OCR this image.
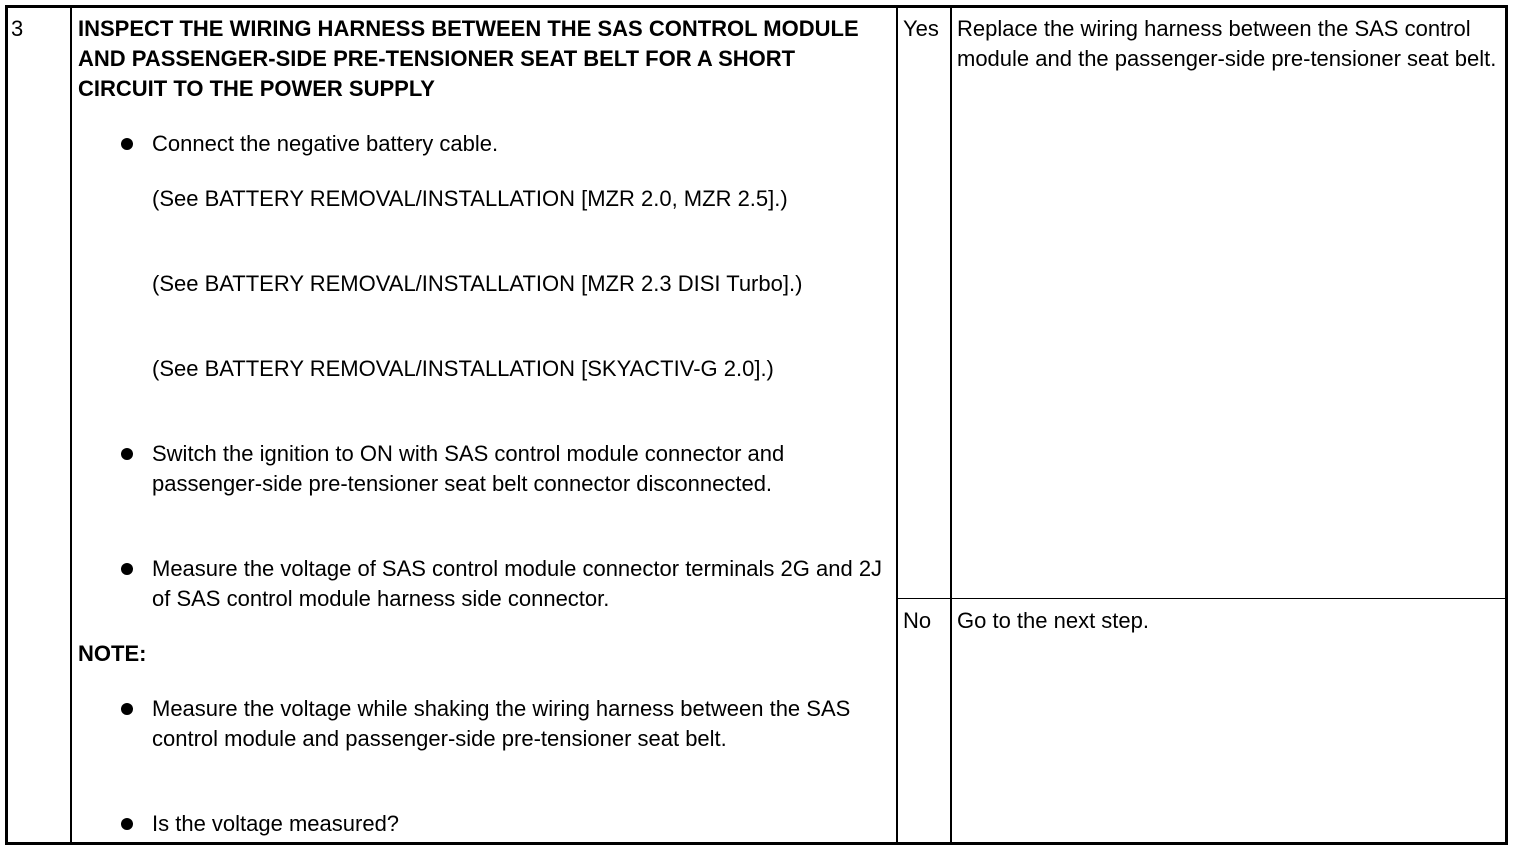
3 INSPECT THE WIRING HARNESS BETWEEN THE SAS CONTROL MODULE AND PASSENGER-SIDE PRE-TENSIONER SEAT BELT FOR A SHORT CIRCUIT TO THE POWER SUPPLY
Connect the negative battery cable.
(See BATTERY REMOVAL/INSTALLATION [MZR 2.0, MZR 2.5].)
(See BATTERY REMOVAL/INSTALLATION [MZR 2.3 DISI Turbo].)
(See BATTERY REMOVAL/INSTALLATION [SKYACTIV-G 2.0].)
Switch the ignition to ON with SAS control module connector and passenger-side pre-tensioner seat belt connector disconnected.
Measure the voltage of SAS control module connector terminals 2G and 2J of SAS control module harness side connector.
NOTE:
Measure the voltage while shaking the wiring harness between the SAS control module and passenger-side pre-tensioner seat belt.
Is the voltage measured?
Yes Replace the wiring harness between the SAS control module and the passenger-side pre-tensioner seat belt.
No Go to the next step.
